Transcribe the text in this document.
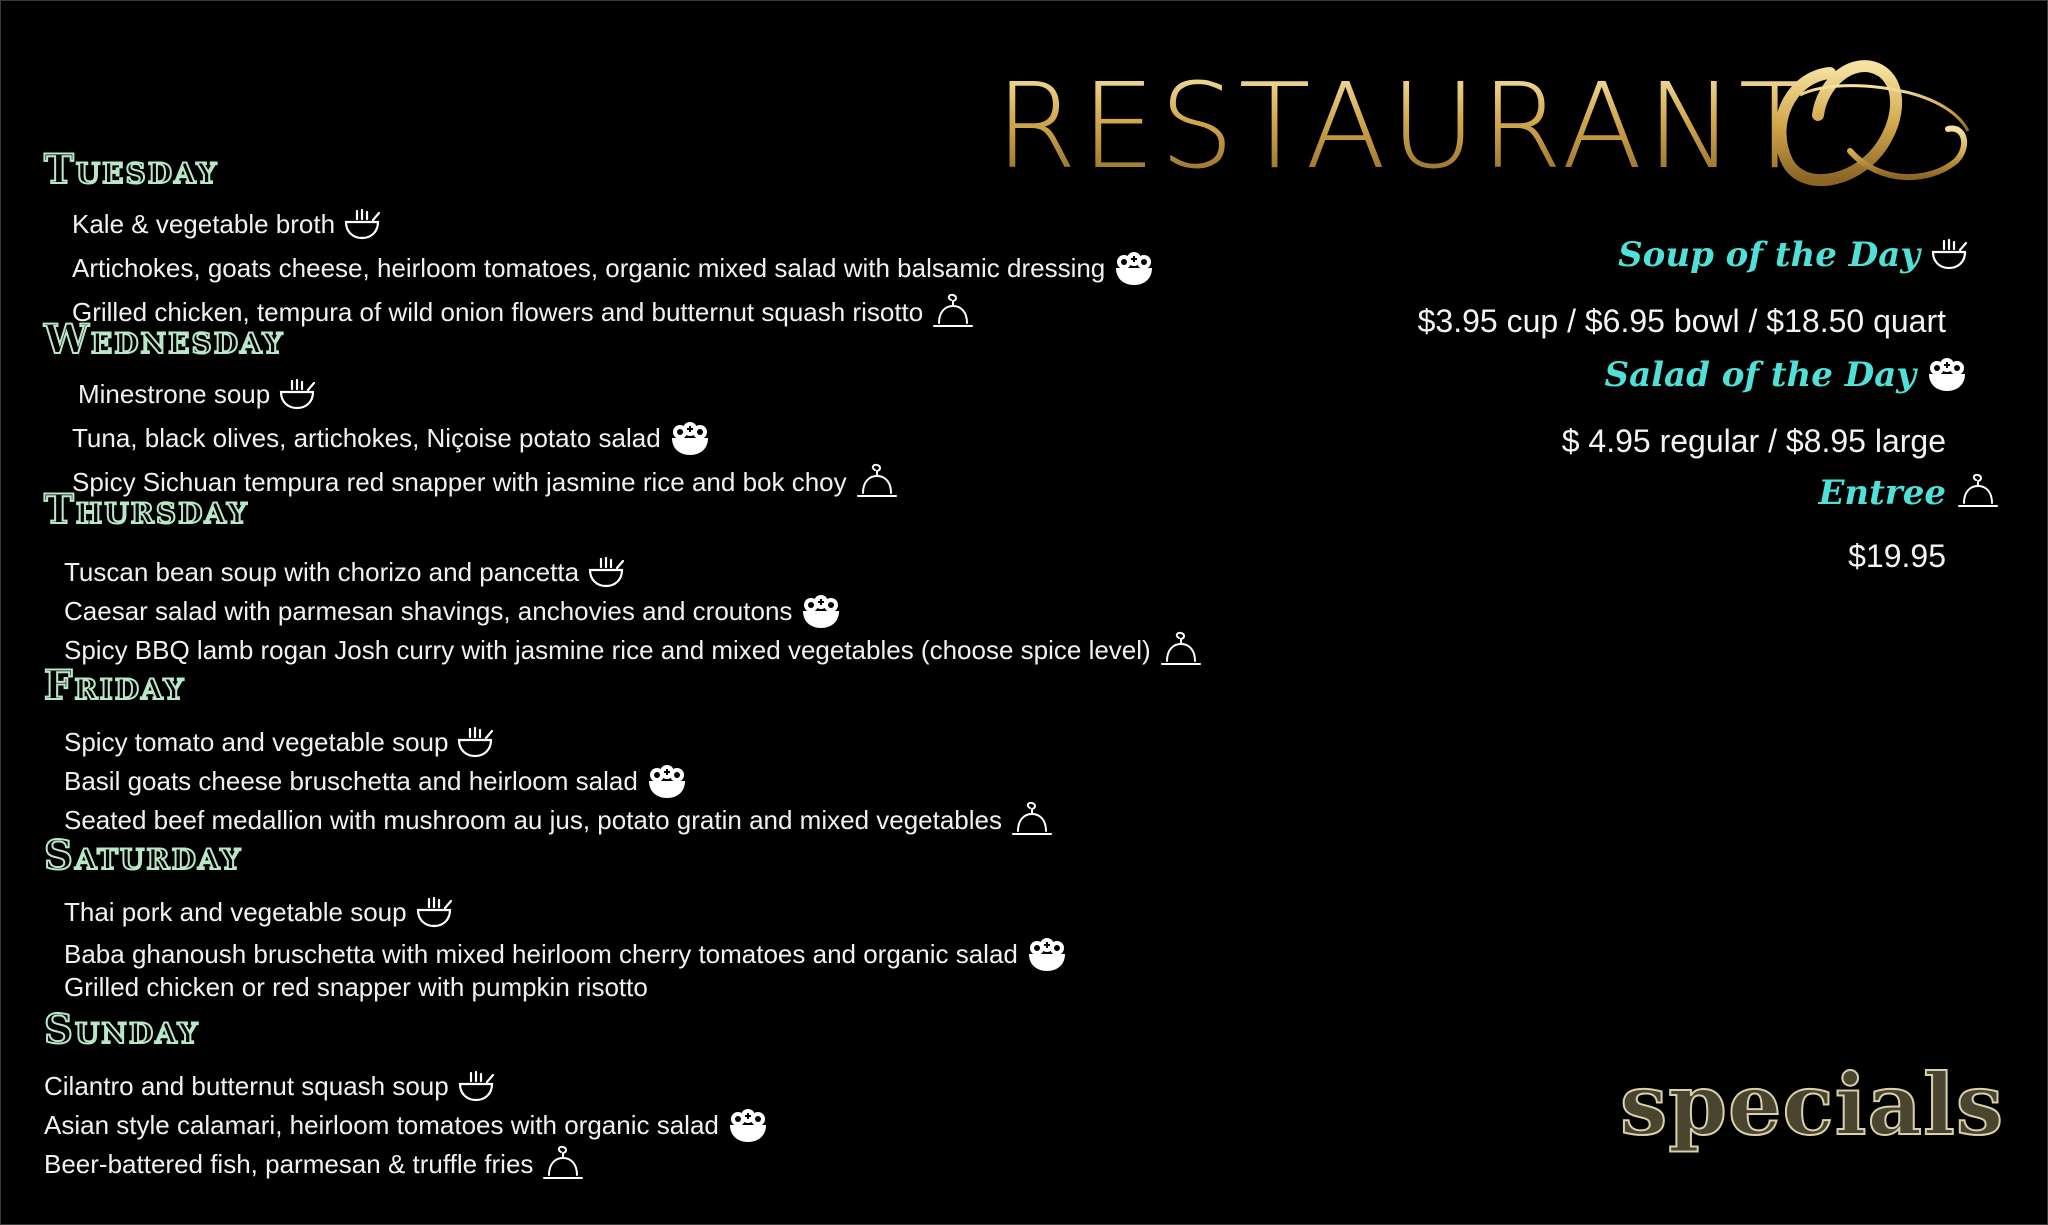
RESTAURANT
Tuesday
Kale & vegetable broth
Artichokes, goats cheese, heirloom tomatoes, organic mixed salad with balsamic dressing
Grilled chicken, tempura of wild onion flowers and butternut squash risotto
Wednesday
Minestrone soup
Tuna, black olives, artichokes, Niçoise potato salad
Spicy Sichuan tempura red snapper with jasmine rice and bok choy
Thursday
Tuscan bean soup with chorizo and pancetta
Caesar salad with parmesan shavings, anchovies and croutons
Spicy BBQ lamb rogan Josh curry with jasmine rice and mixed vegetables (choose spice level)
Friday
Spicy tomato and vegetable soup
Basil goats cheese bruschetta and heirloom salad
Seated beef medallion with mushroom au jus, potato gratin and mixed vegetables
Saturday
Thai pork and vegetable soup
Baba ghanoush bruschetta with mixed heirloom cherry tomatoes and organic salad
Grilled chicken or red snapper with pumpkin risotto
Sunday
Cilantro and butternut squash soup
Asian style calamari, heirloom tomatoes with organic salad
Beer-battered fish, parmesan & truffle fries
Soup of the Day
$3.95 cup / $6.95 bowl / $18.50 quart
Salad of the Day
$ 4.95 regular / $8.95 large
Entree
$19.95
specials
